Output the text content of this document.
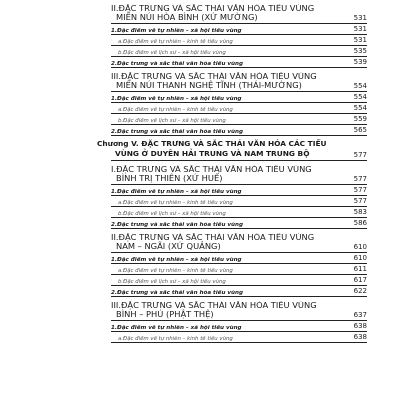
II.ĐẶC TRƯNG VÀ SẮC THÁI VĂN HÓA TIỂU VÙNG
MIỀN NÚI HÒA BÌNH (XỨ MƯỜNG)	531
1.Đặc điểm về tự nhiên – xã hội tiểu vùng	531
a.Đặc điểm về tự nhiên – kinh tế tiểu vùng	531
b.Đặc điểm về lịch sử – xã hội tiểu vùng	535
2.Đặc trưng và sắc thái văn hóa tiểu vùng	539
III.ĐẶC TRƯNG VÀ SẮC THÁI VĂN HÓA TIỂU VÙNG
MIỀN NÚI THANH NGHỆ TĨNH (THÁI-MƯỜNG)	554
1.Đặc điểm về tự nhiên – xã hội tiểu vùng	554
a.Đặc điểm về tự nhiên – kinh tế tiểu vùng	554
b.Đặc điểm về lịch sử – xã hội tiểu vùng	559
2.Đặc trưng và sắc thái văn hóa tiểu vùng	565
Chương V. ĐẶC TRƯNG VÀ SẮC THÁI VĂN HÓA CÁC TIỂU
VÙNG Ở DUYÊN HẢI TRUNG VÀ NAM TRUNG BỘ	577
I.ĐẶC TRƯNG VÀ SẮC THÁI VĂN HÓA TIỂU VÙNG
BÌNH TRỊ THIÊN (XỨ HUẾ)	577
1.Đặc điểm về tự nhiên – xã hội tiểu vùng	577
a.Đặc điểm về tự nhiên – kinh tế tiểu vùng	577
b.Đặc điểm về lịch sử – xã hội tiểu vùng	583
2.Đặc trưng và sắc thái văn hóa tiểu vùng	586
II.ĐẶC TRƯNG VÀ SẮC THÁI VĂN HÓA TIỂU VÙNG
NAM – NGÃI (XỨ QUẢNG)	610
1.Đặc điểm về tự nhiên – xã hội tiểu vùng	610
a.Đặc điểm về tự nhiên – kinh tế tiểu vùng	611
b.Đặc điểm về lịch sử – xã hội tiểu vùng	617
2.Đặc trưng và sắc thái văn hóa tiểu vùng	622
III.ĐẶC TRƯNG VÀ SẮC THÁI VĂN HÓA TIỂU VÙNG
BÌNH – PHÚ (PHẬT THỆ)	637
1.Đặc điểm về tự nhiên – xã hội tiểu vùng	638
a.Đặc điểm về tự nhiên – kinh tế tiểu vùng	638
